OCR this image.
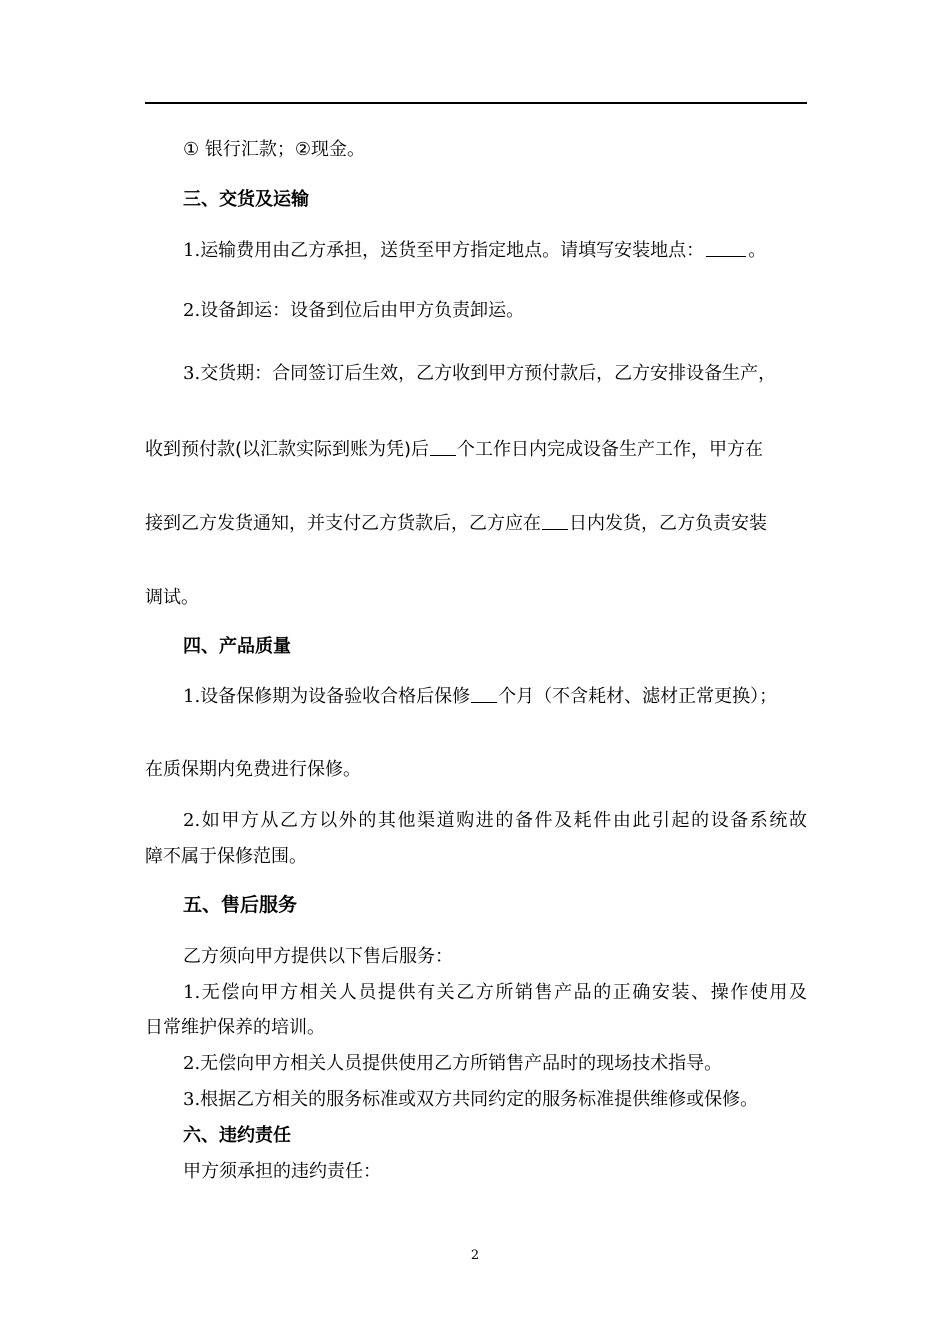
① 银行汇款；②现金。
三、交货及运输
1.运输费用由乙方承担，送货至甲方指定地点。请填写安装地点： 。
2.设备卸运：设备到位后由甲方负责卸运。
3.交货期：合同签订后生效，乙方收到甲方预付款后，乙方安排设备生产，
收到预付款(以汇款实际到账为凭)后 个工作日内完成设备生产工作，甲方在
接到乙方发货通知，并支付乙方货款后，乙方应在 日内发货，乙方负责安装
调试。
四、产品质量
1.设备保修期为设备验收合格后保修 个月（不含耗材、滤材正常更换）；
在质保期内免费进行保修。
2.如甲方从乙方以外的其他渠道购进的备件及耗件由此引起的设备系统故
障不属于保修范围。
五、售后服务
乙方须向甲方提供以下售后服务：
1.无偿向甲方相关人员提供有关乙方所销售产品的正确安装、操作使用及
日常维护保养的培训。
2.无偿向甲方相关人员提供使用乙方所销售产品时的现场技术指导。
3.根据乙方相关的服务标准或双方共同约定的服务标准提供维修或保修。
六、违约责任
甲方须承担的违约责任：
2
